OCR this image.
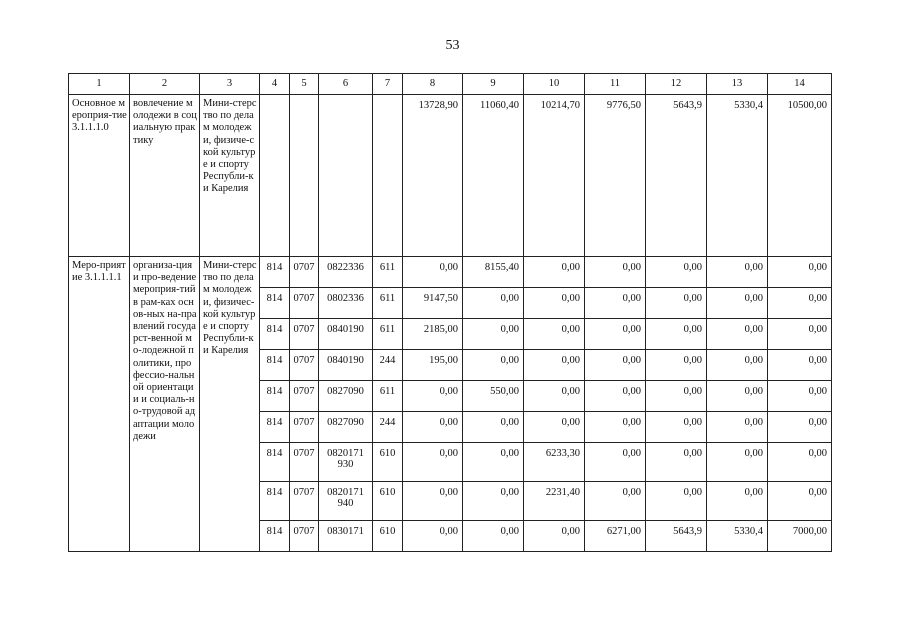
53
1	2	3	4	5	6	7	8	9	10	11	12	13	14
Основное мероприя-тие 3.1.1.1.0	вовлечение молодежи в социальную практику	Мини-стерство по делам молодежи, физиче-ской культуре и спорту Республи-ки Карелия					13728,90	11060,40	10214,70	9776,50	5643,9	5330,4	10500,00
Меро-приятие 3.1.1.1.1	организа-ция и про-ведение мероприя-тий в рам-ках основ-ных на-правлений государст-венной мо-лодежной политики, профессио-нальной ориентации и социаль-но-трудовой адаптации молодежи	Мини-стерство по делам молодежи, физичес-кой культуре и спорту Республи-ки Карелия	814	0707	0822336	611	0,00	8155,40	0,00	0,00	0,00	0,00	0,00
			814	0707	0802336	611	9147,50	0,00	0,00	0,00	0,00	0,00	0,00
			814	0707	0840190	611	2185,00	0,00	0,00	0,00	0,00	0,00	0,00
			814	0707	0840190	244	195,00	0,00	0,00	0,00	0,00	0,00	0,00
			814	0707	0827090	611	0,00	550,00	0,00	0,00	0,00	0,00	0,00
			814	0707	0827090	244	0,00	0,00	0,00	0,00	0,00	0,00	0,00
			814	0707	0820171 930	610	0,00	0,00	6233,30	0,00	0,00	0,00	0,00
			814	0707	0820171 940	610	0,00	0,00	2231,40	0,00	0,00	0,00	0,00
			814	0707	0830171	610	0,00	0,00	0,00	6271,00	5643,9	5330,4	7000,00
